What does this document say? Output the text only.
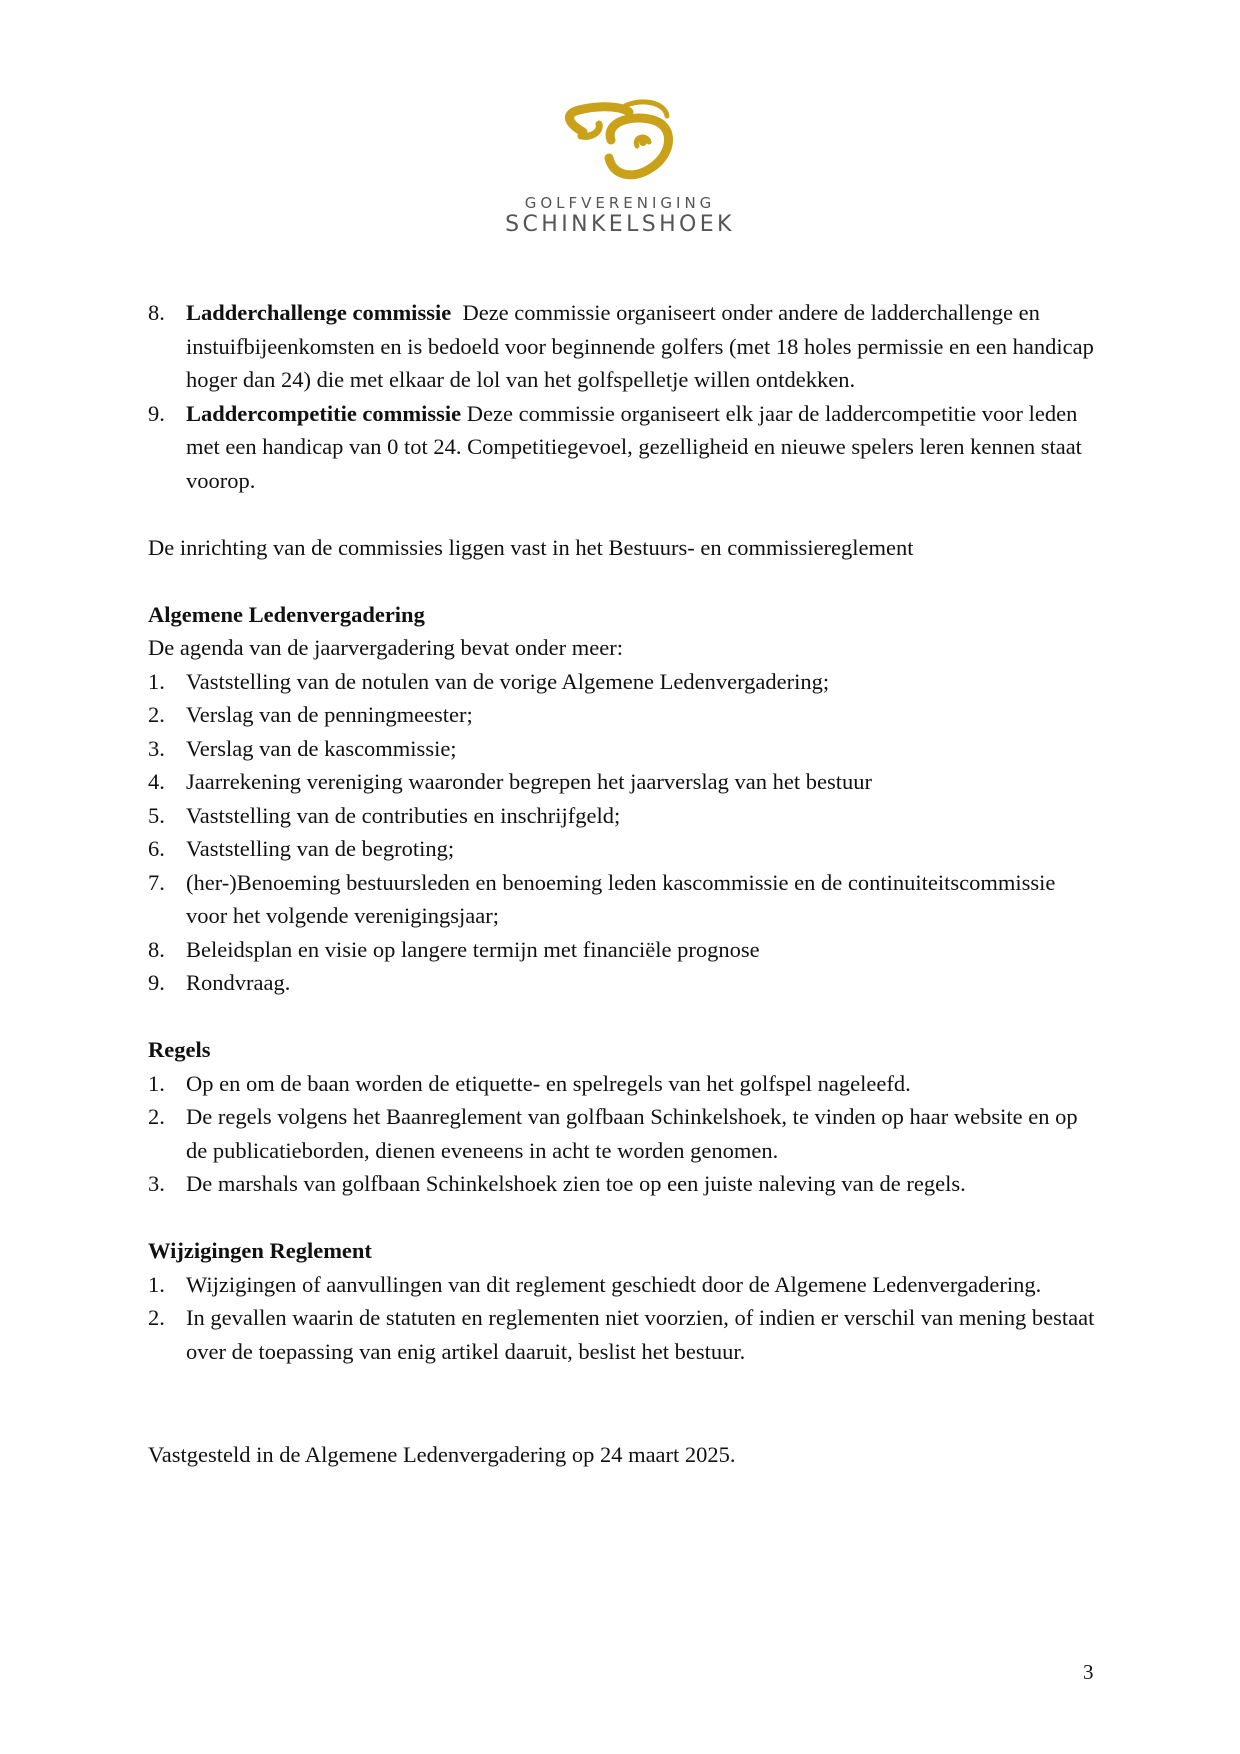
GOLFVERENIGING
SCHINKELSHOEK
8. Ladderchallenge commissie  Deze commissie organiseert onder andere de ladderchallenge en instuifbijeenkomsten en is bedoeld voor beginnende golfers (met 18 holes permissie en een handicap hoger dan 24) die met elkaar de lol van het golfspelletje willen ontdekken.
9. Laddercompetitie commissie Deze commissie organiseert elk jaar de laddercompetitie voor leden met een handicap van 0 tot 24. Competitiegevoel, gezelligheid en nieuwe spelers leren kennen staat voorop.

De inrichting van de commissies liggen vast in het Bestuurs- en commissiereglement

Algemene Ledenvergadering

De agenda van de jaarvergadering bevat onder meer:

1. Vaststelling van de notulen van de vorige Algemene Ledenvergadering;
2. Verslag van de penningmeester;
3. Verslag van de kascommissie;
4. Jaarrekening vereniging waaronder begrepen het jaarverslag van het bestuur
5. Vaststelling van de contributies en inschrijfgeld;
6. Vaststelling van de begroting;
7. (her-)Benoeming bestuursleden en benoeming leden kascommissie en de continuiteitscommissie voor het volgende verenigingsjaar;
8. Beleidsplan en visie op langere termijn met financiële prognose
9. Rondvraag.

Regels

1. Op en om de baan worden de etiquette- en spelregels van het golfspel nageleefd.
2. De regels volgens het Baanreglement van golfbaan Schinkelshoek, te vinden op haar website en op de publicatieborden, dienen eveneens in acht te worden genomen.
3. De marshals van golfbaan Schinkelshoek zien toe op een juiste naleving van de regels.

Wijzigingen Reglement

1. Wijzigingen of aanvullingen van dit reglement geschiedt door de Algemene Ledenvergadering.
2. In gevallen waarin de statuten en reglementen niet voorzien, of indien er verschil van mening bestaat over de toepassing van enig artikel daaruit, beslist het bestuur.

Vastgesteld in de Algemene Ledenvergadering op 24 maart 2025.

3
